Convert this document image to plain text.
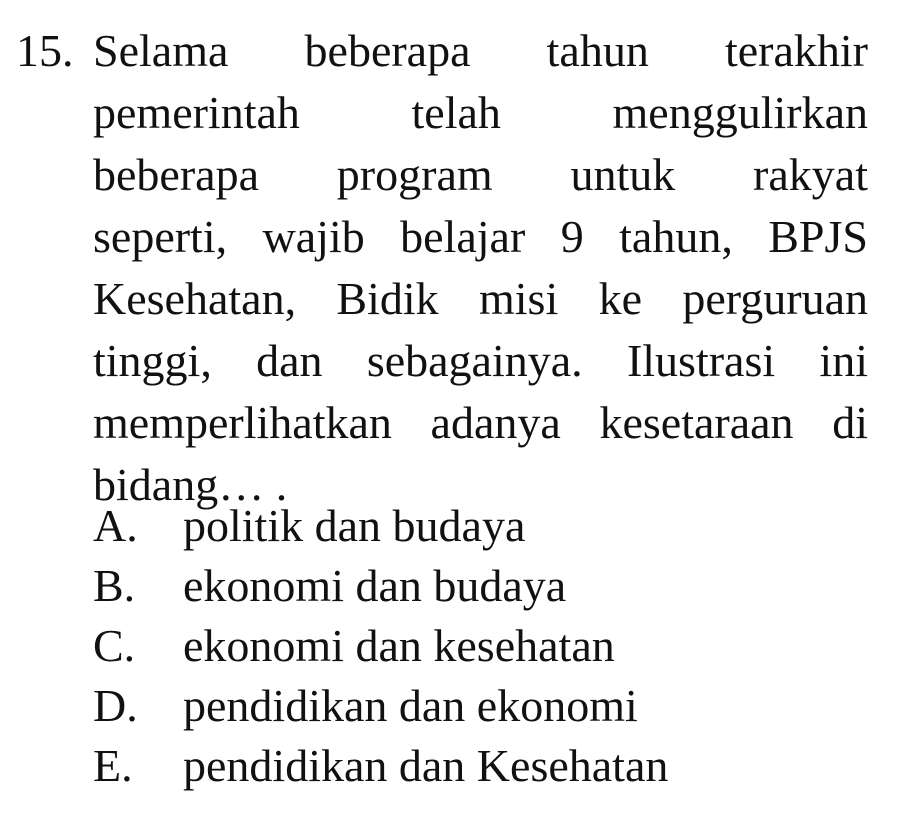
15. Selama beberapa tahun terakhir
pemerintah telah menggulirkan
beberapa program untuk rakyat
seperti, wajib belajar 9 tahun, BPJS
Kesehatan, Bidik misi ke perguruan
tinggi, dan sebagainya. Ilustrasi ini
memperlihatkan adanya kesetaraan di
bidang… .
A. politik dan budaya
B. ekonomi dan budaya
C. ekonomi dan kesehatan
D. pendidikan dan ekonomi
E. pendidikan dan Kesehatan
